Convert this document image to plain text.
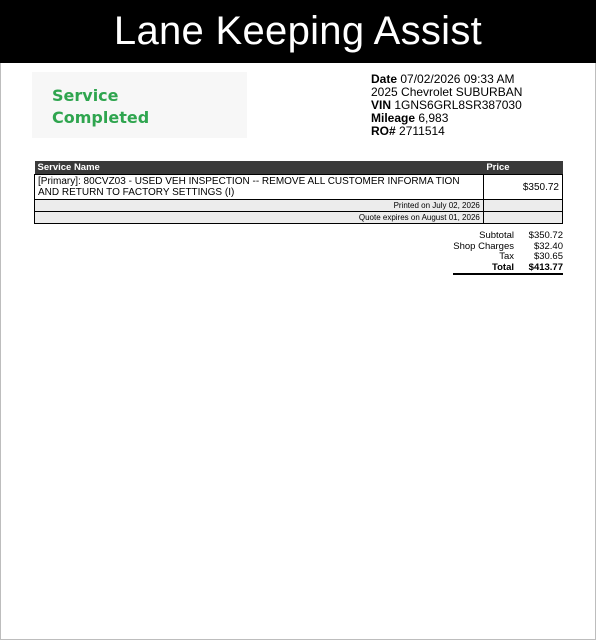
Lane Keeping Assist
Service
Completed
Date 07/02/2026 09:33 AM
2025 Chevrolet SUBURBAN
VIN 1GNS6GRL8SR387030
Mileage 6,983
RO# 2711514
Service Name	Price
[Primary]: 80CVZ03 - USED VEH INSPECTION -- REMOVE ALL CUSTOMER INFORMA TION AND RETURN TO FACTORY SETTINGS (I)	$350.72
Printed on July 02, 2026	
Quote expires on August 01, 2026	
Subtotal	$350.72
Shop Charges	$32.40
Tax	$30.65
Total	$413.77
